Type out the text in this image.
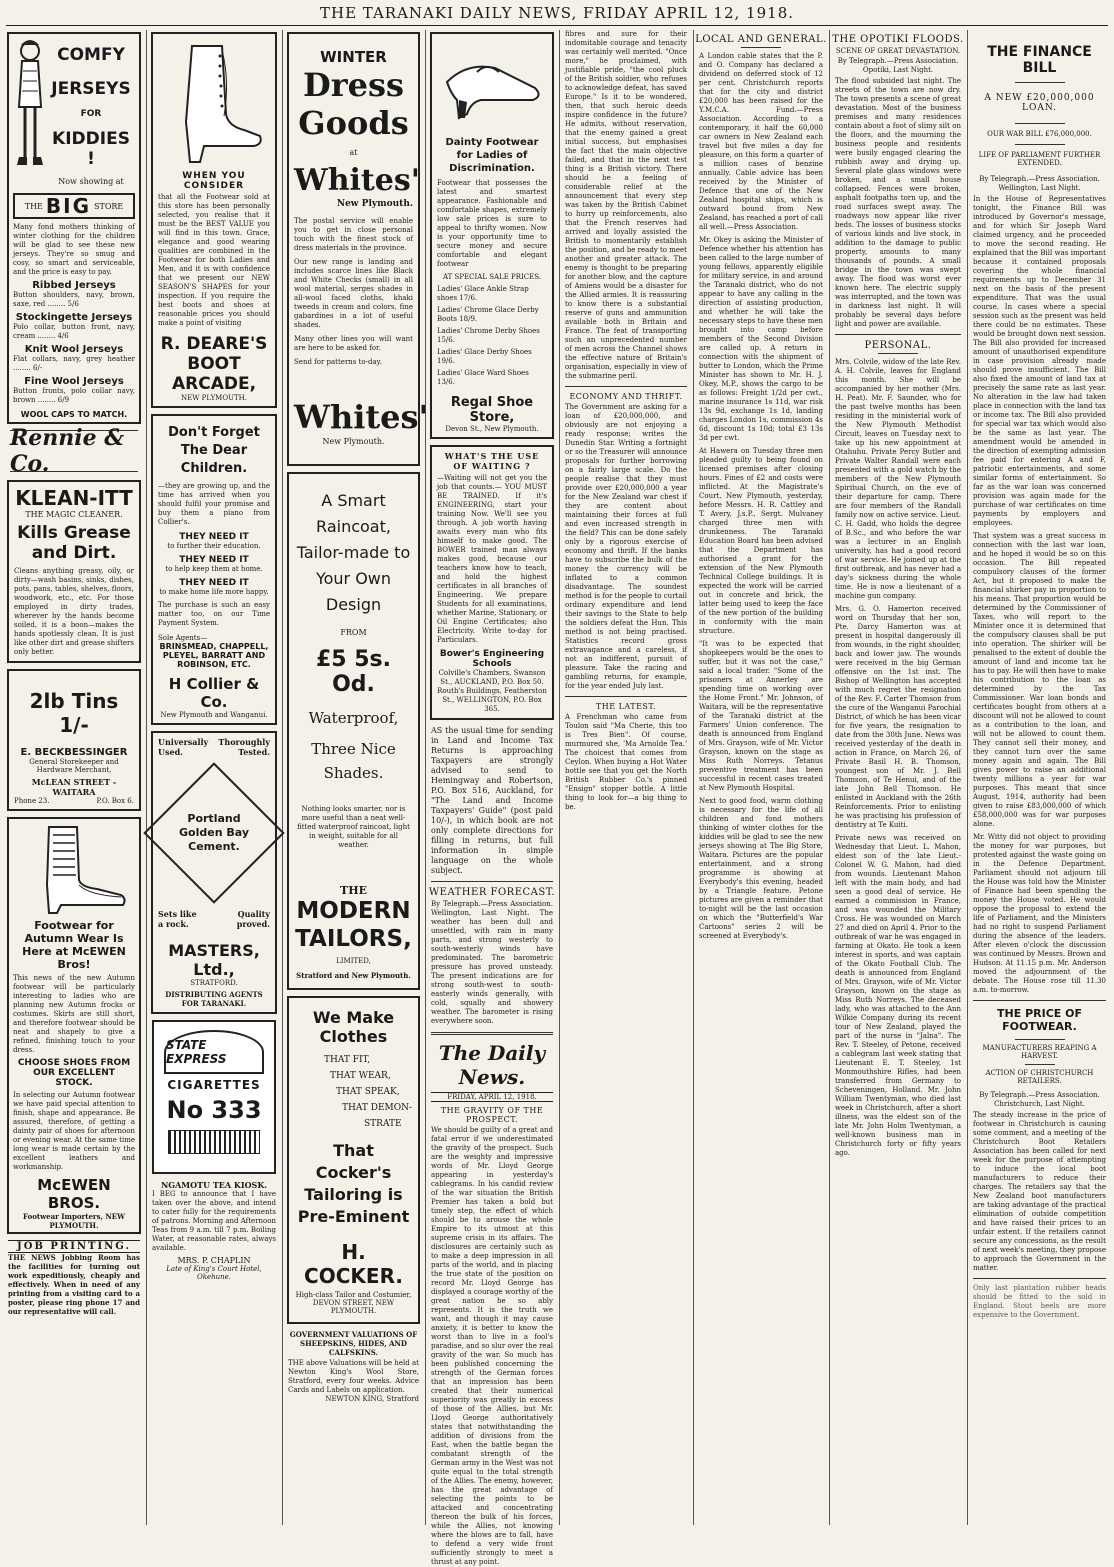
THE TARANAKI DAILY NEWS, FRIDAY APRIL 12, 1918.
COMFY
JERSEYS
FOR
KIDDIES !
Now showing at
THE BIG STORE
Many fond mothers thinking of winter clothing for the children will be glad to see these new jerseys. They're so smug and cosy, so smart and serviceable, and the price is easy to pay.
Ribbed Jerseys
Button shoulders, navy, brown, saxe, red ........ 5/6
Stockingette Jerseys
Polo collar, button front, navy, cream ........ 4/6
Knit Wool Jerseys
Flat collars, navy, grey heather ........ 6/-
Fine Wool Jerseys
Button fronts, polo collar navy, brown ........ 6/9
WOOL CAPS TO MATCH.
Rennie & Co.
KLEAN-ITT
THE MAGIC CLEANER.
Kills Grease and Dirt.
Cleans anything greasy, oily, or dirty—wash basins, sinks, dishes, pots, pans, tables, shelves, floors, woodwork, etc., etc. For those employed in dirty trades, wherever by the hands become soiled, it is a boon—makes the hands spotlessly clean. It is just like other dirt and grease shifters only better.
2lb Tins 1/-
E. BECKBESSINGER
General Storekeeper and Hardware Merchant,
McLEAN STREET - WAITARA
Phone 23.	P.O. Box 6.
Footwear for Autumn Wear Is Here at McEWEN Bros!
This news of the new Autumn footwear will be particularly interesting to ladies who are planning new Autumn frocks or costumes. Skirts are still short, and therefore footwear should be neat and shapely to give a refined, finishing touch to your dress.
CHOOSE SHOES FROM OUR EXCELLENT STOCK.
In selecting our Autumn footwear we have paid special attention to finish, shape and appearance. Be assured, therefore, of getting a dainty pair of shoes for afternoon or evening wear. At the same time long wear is made certain by the excellent leathers and workmanship.
McEWEN BROS.
Footwear Importers, NEW PLYMOUTH.
JOB PRINTING.
THE NEWS Jobbing Room has the facilities for turning out work expeditiously, cheaply and effectively. When in need of any printing from a visiting card to a poster, please ring phone 17 and our representative will call.
WHEN YOU CONSIDER
that all the Footwear sold at this store has been personally selected, you realise that it must be the BEST VALUE you will find in this town. Grace, elegance and good wearing qualities are combined in the Footwear for both Ladies and Men, and it is with confidence that we present our NEW SEASON'S SHAPES for your inspection. If you require the best boots and shoes at reasonable prices you should make a point of visiting
R. DEARE'S
BOOT
ARCADE,
NEW PLYMOUTH.
Don't Forget The Dear Children.
—they are growing up, and the time has arrived when you should fulfil your promise and buy them a piano from Collier's.
THEY NEED IT
to further their education.
THEY NEED IT
to help keep them at home.
THEY NEED IT
to make home life more happy.
The purchase is such an easy matter too, on our Time Payment System.
Sole Agents—
BRINSMEAD, CHAPPELL, PLEYEL, BARRATT AND ROBINSON, ETC.
H Collier & Co.
New Plymouth and Wanganui.
Universally Thoroughly
Used.	Tested.
Portland Golden Bay Cement.
Sets like	Quality
a rock.	proved.
MASTERS, Ltd.,
STRATFORD.
DISTRIBUTING AGENTS FOR TARANAKI.
STATE EXPRESS
CIGARETTES
No 333
NGAMOTU TEA KIOSK.
I BEG to announce that I have taken over the above, and intend to cater fully for the requirements of patrons. Morning and Afternoon Teas from 9 a.m. till 7 p.m. Boiling Water, at reasonable rates, always available.
MRS. P. CHAPLIN
Late of King's Court Hotel, Okehune.
WINTER
Dress
Goods
at
Whites'
New Plymouth.
The postal service will enable you to get in close personal touch with the finest stock of dress materials in the province.
Our new range is landing and includes scarce lines like Black and White Checks (small) in all wool material, serges shades in all-wool faced cloths, khaki tweeds in cream and colors, fine gabardines in a lot of useful shades.
Many other lines you will want are here to be asked for.
Send for patterns to-day.
Whites'
New Plymouth.
A Smart Raincoat,
Tailor-made to
Your Own Design
FROM
£5 5s. Od.
Waterproof,
Three Nice
Shades.
Nothing looks smarter, nor is more useful than a neat well-fitted waterproof raincoat, light in weight, suitable for all weather.
THE
MODERN
TAILORS,
LIMITED,
Stratford and New Plymouth.
We Make Clothes
THAT FIT,
THAT WEAR,
THAT SPEAK,
THAT DEMON-
STRATE
That Cocker's Tailoring is Pre-Eminent
H. COCKER.
High-class Tailor and Costumier, DEVON STREET, NEW PLYMOUTH.
GOVERNMENT VALUATIONS OF SHEEPSKINS, HIDES, AND CALFSKINS.
THE above Valuations will be held at Newton King's Wool Store, Stratford, every four weeks. Advice Cards and Labels on application.
NEWTON KING, Stratford
Dainty Footwear for Ladies of Discrimination.
Footwear that possesses the latest and smartest appearance. Fashionable and comfortable shapes, extremely low sale prices is sure to appeal to thrifty women. Now is your opportunity time to secure money and secure comfortable and elegant footwear
AT SPECIAL SALE PRICES.
Ladies' Glace Ankle Strap shoes 17/6.
Ladies' Chrome Glace Derby Boots 18/9.
Ladies' Chrome Derby Shoes 15/6.
Ladies' Glace Derby Shoes 19/6.
Ladies' Glace Ward Shoes 13/6.
Regal Shoe Store,
Devon St., New Plymouth.
WHAT'S THE USE OF WAITING ?
—Waiting will not get you the job that counts.— YOU MUST BE TRAINED. If it's ENGINEERING, start your training Now. We'll see you through. A job worth having awaits every man who fits himself to make good. The BOWER trained man always makes good, because our teachers know how to teach, and hold the highest certificates in all branches of Engineering. We prepare Students for all examinations, whether Marine, Stationary, or Oil Engine Certificates; also Electricity. Write to-day for Particulars.
Bower's Engineering Schools
Colville's Chambers, Swanson St., AUCKLAND, P.O. Box 50. Routh's Buildings, Featherston St., WELLINGTON, P.O. Box 365.
AS the usual time for sending in Land and Income Tax Returns is approaching Taxpayers are strongly advised to send to Hemingway and Robertson, P.O. Box 516, Auckland, for "The Land and Income Taxpayers' Guide" (post paid 10/-), in which book are not only complete directions for filling in returns, but full information in simple language on the whole subject.
WEATHER FORECAST.
By Telegraph.—Press Association. Wellington, Last Night. The weather has been dull and unsettled, with rain in many parts, and strong westerly to south-westerly winds have predominated. The barometric pressure has proved unsteady. The present indications are for strong south-west to south-easterly winds generally, with cold, squally and showery weather. The barometer is rising everywhere soon.
The Daily News.
FRIDAY, APRIL 12, 1918.
THE GRAVITY OF THE PROSPECT.
We should be guilty of a great and fatal error if we underestimated the gravity of the prospect. Such are the weighty and impressive words of Mr. Lloyd George appearing in yesterday's cablegrams. In his candid review of the war situation the British Premier has taken a bold but timely step, the effect of which should be to arouse the whole Empire to its utmost at this supreme crisis in its affairs. The disclosures are certainly such as to make a deep impression in all parts of the world, and in placing the true state of the position on record Mr. Lloyd George has displayed a courage worthy of the great nation he so ably represents. It is the truth we want, and though it may cause anxiety, it is better to know the worst than to live in a fool's paradise, and so slur over the real gravity of the war. So much has been published concerning the strength of the German forces that an impression has been created that their numerical superiority was greatly in excess of those of the Allies, but Mr. Lloyd George authoritatively states that notwithstanding the addition of divisions from the East, when the battle began the combatant strength of the German army in the West was not quite equal to the total strength of the Allies. The enemy, however, has the great advantage of selecting the points to be attacked and concentrating thereon the bulk of his forces, while the Allies, not knowing where the blows are to fall, have to defend a very wide front sufficiently strongly to meet a thrust at any point.
fibres and sure for their indomitable courage and tenacity was certainly well merited. "Once more," he proclaimed, with justifiable pride, "the cool pluck of the British soldier, who refuses to acknowledge defeat, has saved Europe." Is it to be wondered, then, that such heroic deeds inspire confidence in the future? He admits, without reservation, that the enemy gained a great initial success, but emphasises the fact that the main objective failed, and that in the next test thing is a British victory. There should be a feeling of considerable relief at the announcement that every step was taken by the British Cabinet to hurry up reinforcements, also that the French reserves had arrived and loyally assisted the British to momentarily establish the position, and be ready to meet another and greater attack. The enemy is thought to be preparing for another blow, and the capture of Amiens would be a disaster for the Allied armies. It is reassuring to know there is a substantial reserve of guns and ammunition available both in Britain and France. The feat of transporting such an unprecedented number of men across the Channel shows the effective nature of Britain's organisation, especially in view of the submarine peril.
ECONOMY AND THRIFT.
The Government are asking for a loan of £20,000,000, and obviously are not enjoying a ready response; writes the Dunedin Star. Writing a fortnight or so the Treasurer will announce proposals for further borrowing on a fairly large scale. Do the people realise that they must provide over £20,000,000 a year for the New Zealand war chest if they are content about maintaining their forces at full and even increased strength in the field? This can be done safely only by a rigorous exercise of economy and thrift. If the banks have to subscribe the bulk of the money the currency will be inflated to a common disadvantage. The soundest method is for the people to curtail ordinary expenditure and lend their savings to the State to help the soldiers defeat the Hun. This method is not being practised. Statistics record gross extravagance and a careless, if not an indifferent, pursuit of pleasure. Take the racing and gambling returns, for example, for the year ended July last.
THE LATEST.
A Frenchman who came from Toulon said "Ma Cherie, this too is Tres Bien". Of course, murmured she, 'Ma Arnolde Tea.' The choicest that comes from Ceylon. When buying a Hot Water bottle see that you get the North British Rubber Co.'s pinned "Ensign" stopper bottle. A little thing to look for—a big thing to be.
LOCAL AND GENERAL.
A London cable states that the P. and O. Company has declared a dividend on deferred stock of 12 per cent. Christchurch reports that for the city and district £20,000 has been raised for the Y.M.C.A. Fund.—Press Association. According to a contemporary, it half the 60,000 car owners in New Zealand each travel but five miles a day for pleasure, on this form a quarter of a million cases of benzine annually. Cable advice has been received by the Minister of Defence that one of the New Zealand hospital ships, which is outward bound from New Zealand, has reached a port of call all well.—Press Association.
Mr. Okey is asking the Minister of Defence whether his attention has been called to the large number of young fellows, apparently eligible for military service, in and around the Taranaki district, who do not appear to have any calling in the direction of assisting production, and whether he will take the necessary steps to have these men brought into camp before members of the Second Division are called up. A return in connection with the shipment of butter to London, which the Prime Minister has shown to Mr. H. J. Okey, M.P., shows the cargo to be as follows: Freight 1/2d per cwt., marine insurance 1s 11d, war risk 13s 9d, exchange 1s 1d, landing charges London 1s, commission 4s 6d, discount 1s 10d; total £3 13s 3d per cwt.
At Hawera on Tuesday three men pleaded guilty to being found on licensed premises after closing hours. Fines of £2 and costs were inflicted. At the Magistrate's Court, New Plymouth, yesterday, before Messrs. H. R. Cattley and T. Avery, J.s.P., Sergt. Mulvaney charged three men with drunkenness. The Taranaki Education Board has been advised that the Department has authorised a grant for the extension of the New Plymouth Technical College buildings. It is expected the work will be carried out in concrete and brick, the latter being used to keep the face of the new portion of the building in conformity with the main structure.
"It was to be expected that shopkeepers would be the ones to suffer, but it was not the case," said a local trader. "Some of the prisoners at Annerley are spending time on working over the Home Front." Mr. Johnson, of Waitara, will be the representative of the Taranaki district at the Farmers' Union conference. The death is announced from England of Mrs. Grayson, wife of Mr. Victor Grayson, known on the stage as Miss Ruth Norreys. Tetanus preventive treatment has been successful in recent cases treated at New Plymouth Hospital.
Next to good food, warm clothing is necessary for the life of all children and fond mothers thinking of winter clothes for the kiddies will be glad to see the new jerseys showing at The Big Store, Waitara. Pictures are the popular entertainment, and a strong programme is showing at Everybody's this evening, headed by a Triangle feature. Petone pictures are given a reminder that to-night will be the last occasion on which the "Butterfield's War Cartoons" series 2 will be screened at Everybody's.
THE OPOTIKI FLOODS.
SCENE OF GREAT DEVASTATION.
By Telegraph.—Press Association. Opotiki, Last Night.
The flood subsided last night. The streets of the town are now dry. The town presents a scene of great devastation. Most of the business premises and many residences contain about a foot of slimy silt on the floors, and the mourning the business people and residents were busily engaged clearing the rubbish away and drying up. Several plate glass windows were broken, and a small house collapsed. Fences were broken, asphalt footpaths torn up, and the road surfaces swept away. The roadways now appear like river beds. The losses of business stocks of various kinds and live stock, in addition to the damage to public property, amounts to many thousands of pounds. A small bridge in the town was swept away. The flood was worst ever known here. The electric supply was interrupted, and the town was in darkness last night. It will probably be several days before light and power are available.
PERSONAL.
Mrs. Colvile, widow of the late Rev. A. H. Colvile, leaves for England this month. She will be accompanied by her mother (Mrs. H. Peat). Mr. F. Saunder, who for the past twelve months has been residing in the ministerial work of the New Plymouth Methodist Circuit, leaves on Tuesday next to take up his new appointment at Otahuhu. Private Percy Butler and Private Walter Randall were each presented with a gold watch by the members of the New Plymouth Spiritual Church, on the eve of their departure for camp. There are four members of the Randall family now on active service. Lieut. C. H. Gadd, who holds the degree of B.Sc., and who before the war was a lecturer in an English university, has had a good record of war service. He joined up at the first outbreak, and has never had a day's sickness during the whole time. He is now a lieutenant of a machine gun company.
Mrs. G. O. Hamerton received word on Thursday that her son, Pte. Darcy Hamerton was at present in hospital dangerously ill from wounds, in the right shoulder, back and lower jaw. The wounds were received in the big German offensive on the 1st inst. The Bishop of Wellington has accepted with much regret the resignation of the Rev. F. Carter Thomson from the cure of the Wanganui Parochial District, of which he has been vicar for five years, the resignation to date from the 30th June. News was received yesterday of the death in action in France, on March 26, of Private Basil H. B. Thomson, youngest son of Mr. J. Bell Thomson, of Te Henui, and of the late John Bell Thomson. He enlisted in Auckland with the 26th Reinforcements. Prior to enlisting he was practising his profession of dentistry at Te Kuiti.
Private news was received on Wednesday that Lieut. L. Mahon, eldest son of the late Lieut.-Colonel W. G. Mahon, had died from wounds. Lieutenant Mahon left with the main body, and had seen a good deal of service. He earned a commission in France, and was wounded the Military Cross. He was wounded on March 27 and died on April 4. Prior to the outbreak of war he was engaged in farming at Okato. He took a keen interest in sports, and was captain of the Okato Football Club. The death is announced from England of Mrs. Grayson, wife of Mr. Victor Grayson, known on the stage as Miss Ruth Norreys. The deceased lady, who was attached to the Ann Wilkie Company during its recent tour of New Zealand, played the part of the nurse in "Jalna". The Rev. T. Steeley, of Petone, received a cablegram last week stating that Lieutenant E. T. Steeley, 1st Monmouthshire Rifles, had been transferred from Germany to Scheveningen, Holland. Mr. John William Twentyman, who died last week in Christchurch, after a short illness, was the eldest son of the late Mr. John Holm Twentyman, a well-known business man in Christchurch forty or fifty years ago.
THE FINANCE BILL
A NEW £20,000,000 LOAN.
OUR WAR BILL £76,000,000.
LIFE OF PARLIAMENT FURTHER EXTENDED.
By Telegraph.—Press Association. Wellington, Last Night.
In the House of Representatives tonight, the Finance Bill was introduced by Governor's message, and for which Sir Joseph Ward claimed urgency, and he proceeded to move the second reading. He explained that the Bill was important because it contained proposals covering the whole financial requirements up to December 31 next on the basis of the present expenditure. That was the usual course. In cases where a special session such as the present was held there could be no estimates. These would be brought down next session. The Bill also provided for increased amount of unauthorised expenditure in case provision already made should prove insufficient. The Bill also fixed the amount of land tax at precisely the same rate as last year. No alteration in the law had taken place in connection with the land tax or income tax. The Bill also provided for special war tax which would also be the same as last year. The amendment would be amended in the direction of exempting admission fee paid for entering A and F, patriotic entertainments, and some similar forms of entertainment. So far as the war loan was concerned provision was again made for the purchase of war certificates on time payments by employers and employees.
That system was a great success in connection with the last war loan, and he hoped it would be so on this occasion. The Bill repeated compulsory clauses of the former Act, but it proposed to make the financial shirker pay in proportion to his means. That proportion would be determined by the Commissioner of Taxes, who will report to the Minister once it is determined that the compulsory clauses shall be put into operation. The shirker will be penalised to the extent of double the amount of land and income tax he has to pay. He will then have to make his contribution to the loan as determined by the Tax Commissioner. War loan bonds and certificates bought from others at a discount will not be allowed to count as a contribution to the loan, and will not be allowed to count them. They cannot sell their money, and they cannot turn over the same money again and again. The Bill gives power to raise an additional twenty millions a year for war purposes. This meant that since August, 1914, authority had been given to raise £83,000,000 of which £58,000,000 was for war purposes alone.
Mr. Witty did not object to providing the money for war purposes, but protested against the waste going on in the Defence Department. Parliament should not adjourn till the House was told how the Minister of Finance had been spending the money the House voted. He would oppose the proposal to extend the life of Parliament, and the Ministers had no right to suspend Parliament during the absence of the leaders. After eleven o'clock the discussion was continued by Messrs. Brown and Hudson. At 11.15 p.m. Mr. Anderson moved the adjournment of the debate. The House rose till 11.30 a.m. to-morrow.
THE PRICE OF FOOTWEAR.
MANUFACTURERS REAPING A HARVEST.
ACTION OF CHRISTCHURCH RETAILERS.
By Telegraph.—Press Association. Christchurch, Last Night.
The steady increase in the price of footwear in Christchurch is causing some comment, and a meeting of the Christchurch Boot Retailers Association has been called for next week for the purpose of attempting to induce the local boot manufacturers to reduce their charges. The retailers say that the New Zealand boot manufacturers are taking advantage of the practical elimination of outside competition and have raised their prices to an unfair extent. If the retailers cannot secure any concessions, as the result of next week's meeting, they propose to approach the Government in the matter.
Only last plantation rubber heads should be fitted to the sold in England. Stout heels are more expensive to the Government.
